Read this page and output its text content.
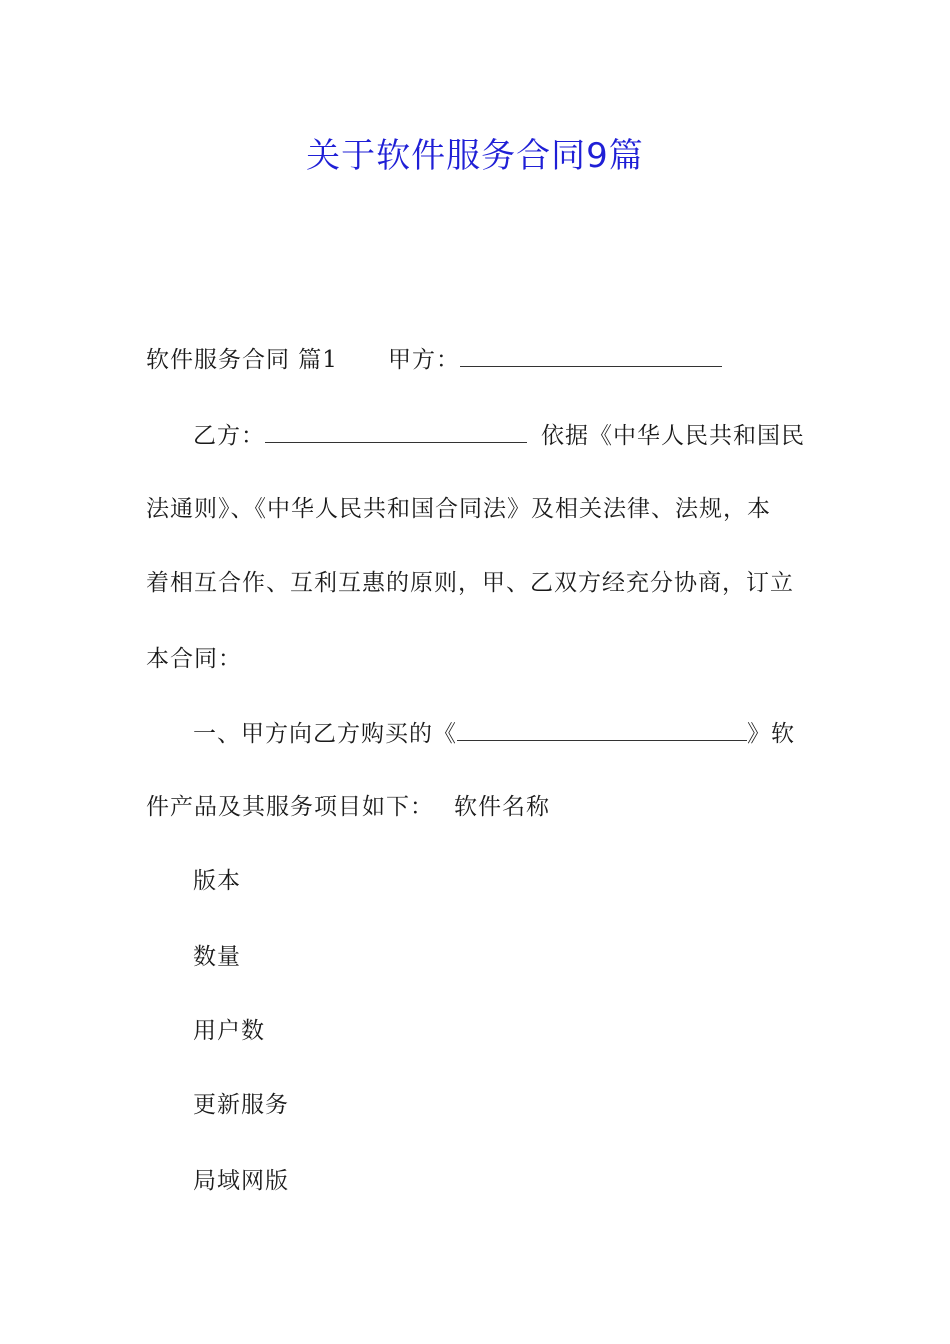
关于软件服务合同9篇
软件服务合同 篇1 甲方：
乙方：	依据《中华人民共和国民
法通则》、《中华人民共和国合同法》及相关法律、法规，本
着相互合作、互利互惠的原则，甲、乙双方经充分协商，订立
本合同：
一、甲方向乙方购买的《	》软
件产品及其服务项目如下： 软件名称
版本
数量
用户数
更新服务
局域网版
